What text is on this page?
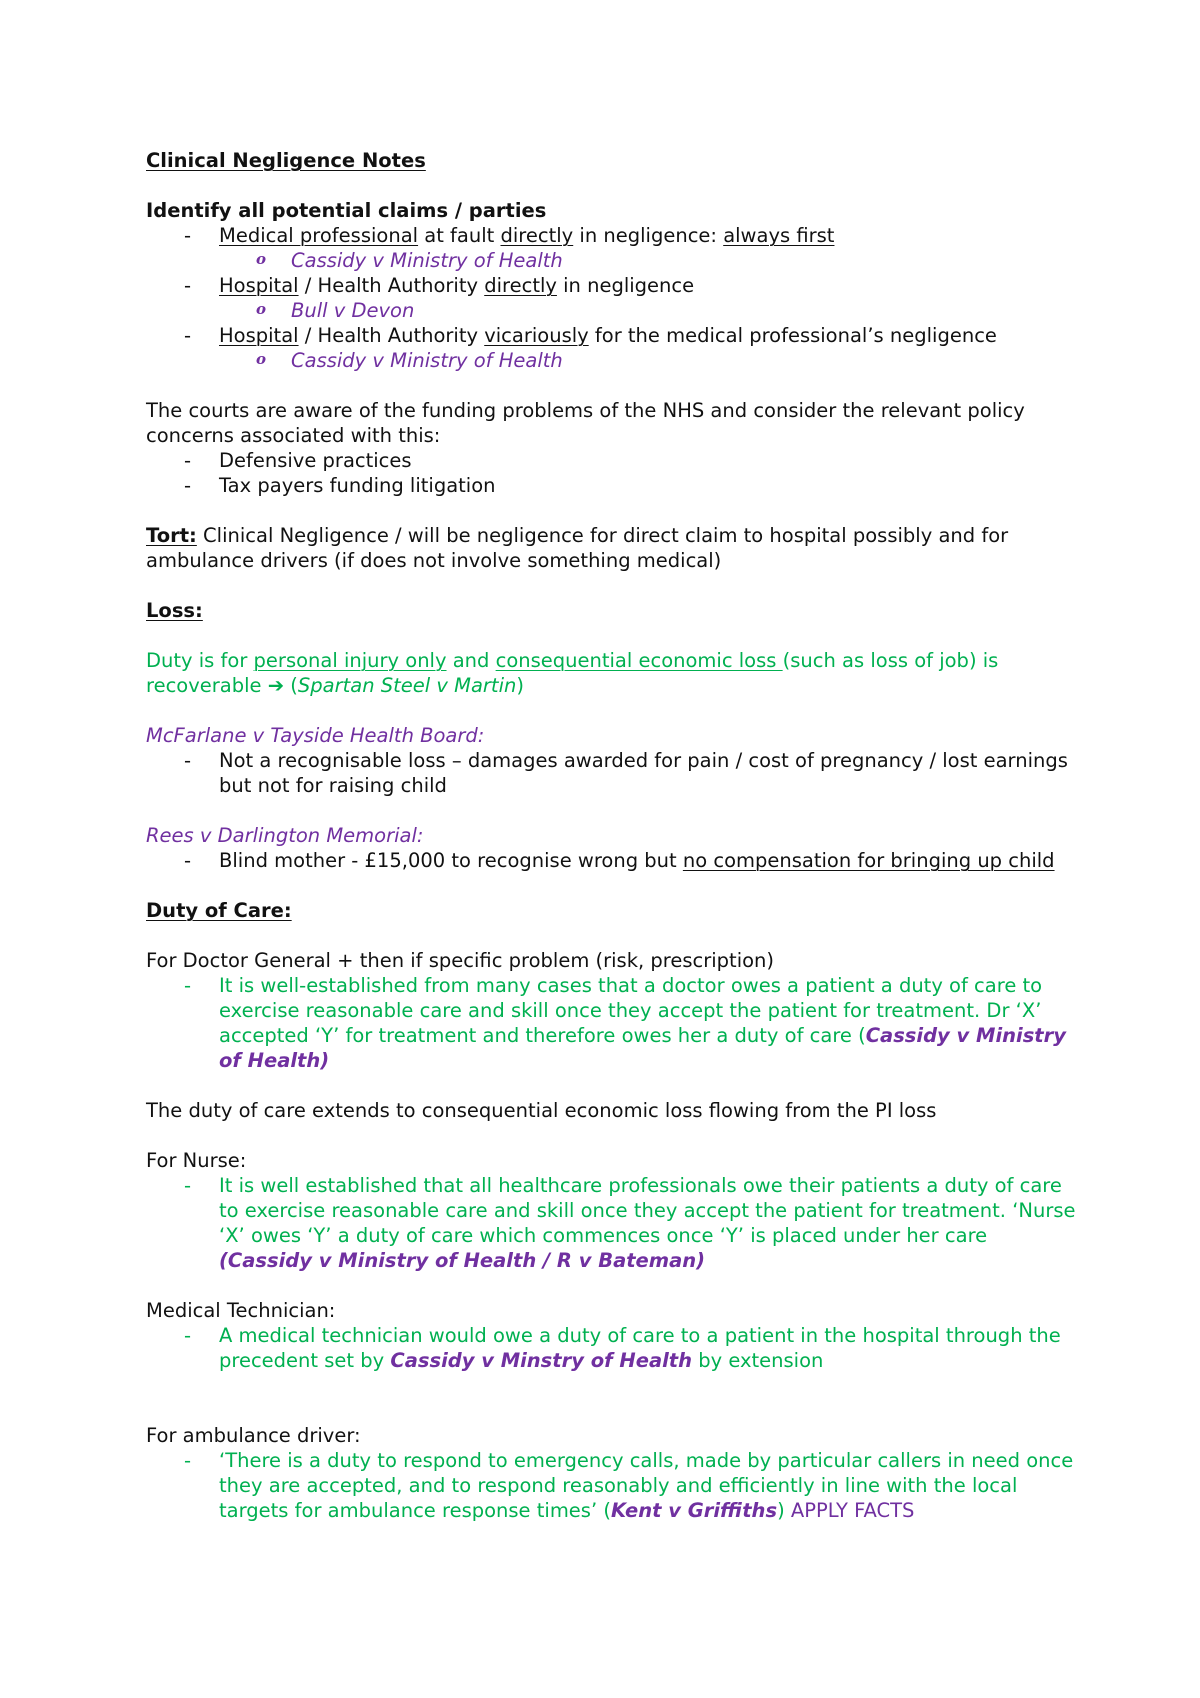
Clinical Negligence Notes

Identify all potential claims / parties

- Medical professional at fault directly in negligence: always first
o Cassidy v Ministry of Health
- Hospital / Health Authority directly in negligence
o Bull v Devon
- Hospital / Health Authority vicariously for the medical professional’s negligence
o Cassidy v Ministry of Health

The courts are aware of the funding problems of the NHS and consider the relevant policy concerns associated with this:

- Defensive practices
- Tax payers funding litigation

Tort: Clinical Negligence / will be negligence for direct claim to hospital possibly and for ambulance drivers (if does not involve something medical)

Loss:

Duty is for personal injury only and consequential economic loss (such as loss of job) is recoverable ➔ (Spartan Steel v Martin)

McFarlane v Tayside Health Board:

- Not a recognisable loss – damages awarded for pain / cost of pregnancy / lost earnings but not for raising child

Rees v Darlington Memorial:

- Blind mother - £15,000 to recognise wrong but no compensation for bringing up child

Duty of Care:

For Doctor General + then if specific problem (risk, prescription)

- It is well-established from many cases that a doctor owes a patient a duty of care to exercise reasonable care and skill once they accept the patient for treatment. Dr ‘X’ accepted ‘Y’ for treatment and therefore owes her a duty of care (Cassidy v Ministry of Health)

The duty of care extends to consequential economic loss flowing from the PI loss

For Nurse:

- It is well established that all healthcare professionals owe their patients a duty of care to exercise reasonable care and skill once they accept the patient for treatment. ‘Nurse ‘X’ owes ‘Y’ a duty of care which commences once ‘Y’ is placed under her care (Cassidy v Ministry of Health / R v Bateman)

Medical Technician:

- A medical technician would owe a duty of care to a patient in the hospital through the precedent set by Cassidy v Minstry of Health by extension

For ambulance driver:

- ‘There is a duty to respond to emergency calls, made by particular callers in need once they are accepted, and to respond reasonably and efficiently in line with the local targets for ambulance response times’ (Kent v Griffiths) APPLY FACTS
